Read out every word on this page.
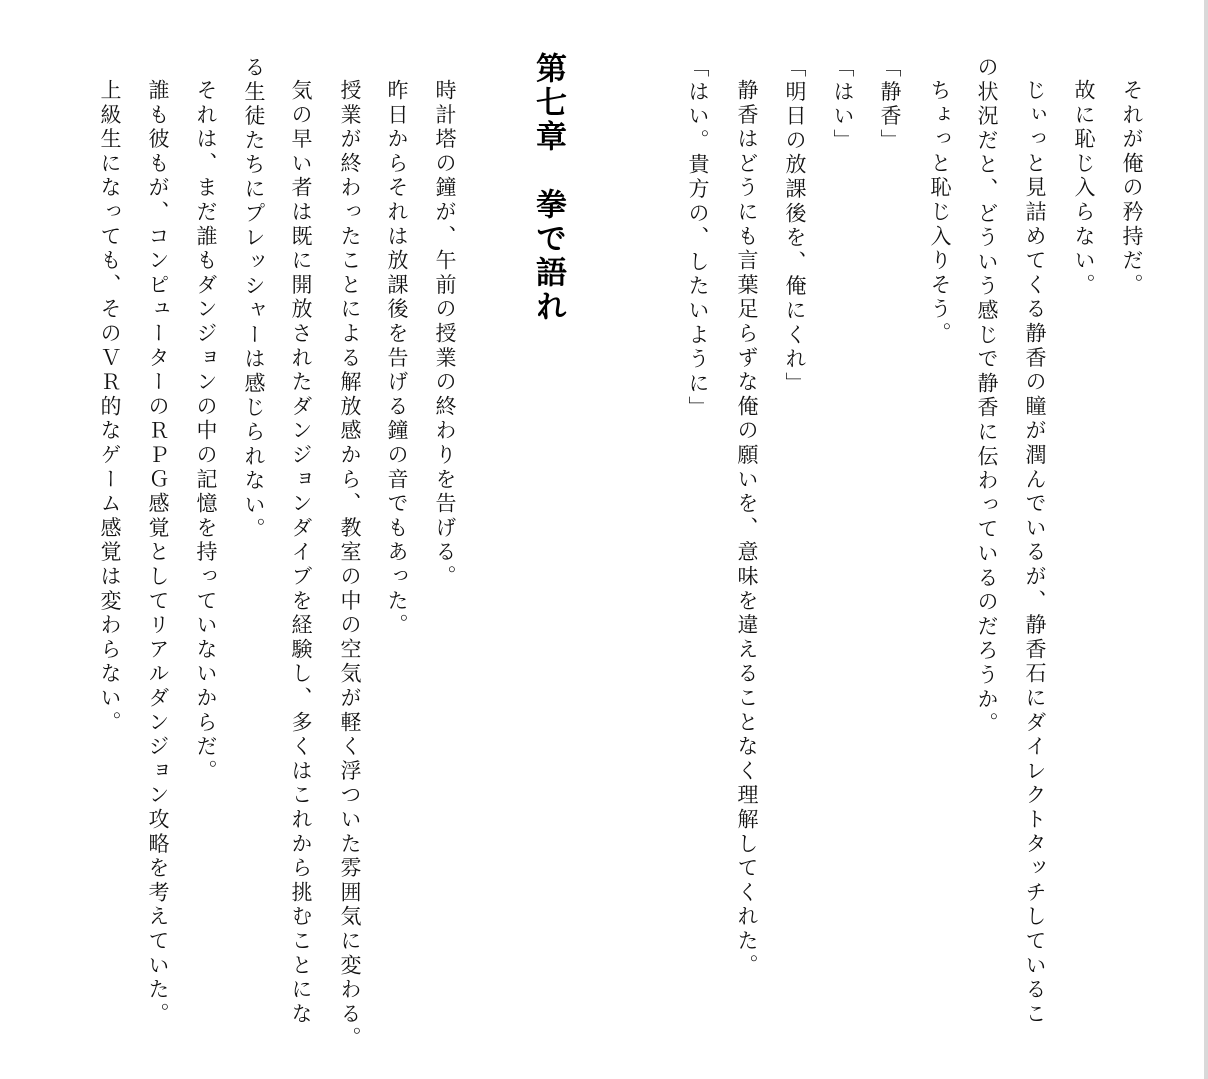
それが俺の矜持だ。
故に恥じ入らない。
じぃっと見詰めてくる静香の瞳が潤んでいるが、静香石にダイレクトタッチしているこ
の状況だと、どういう感じで静香に伝わっているのだろうか。
ちょっと恥じ入りそう。
「静香」
「はい」
「明日の放課後を、俺にくれ」
静香はどうにも言葉足らずな俺の願いを、意味を違えることなく理解してくれた。
「はい。貴方の、したいように」
第七章　拳で語れ
時計塔の鐘が、午前の授業の終わりを告げる。
昨日からそれは放課後を告げる鐘の音でもあった。
授業が終わったことによる解放感から、教室の中の空気が軽く浮ついた雰囲気に変わる。
気の早い者は既に開放されたダンジョンダイブを経験し、多くはこれから挑むことにな
る生徒たちにプレッシャーは感じられない。
それは、まだ誰もダンジョンの中の記憶を持っていないからだ。
誰も彼もが、コンピューターのＲＰＧ感覚としてリアルダンジョン攻略を考えていた。
上級生になっても、そのＶＲ的なゲーム感覚は変わらない。
